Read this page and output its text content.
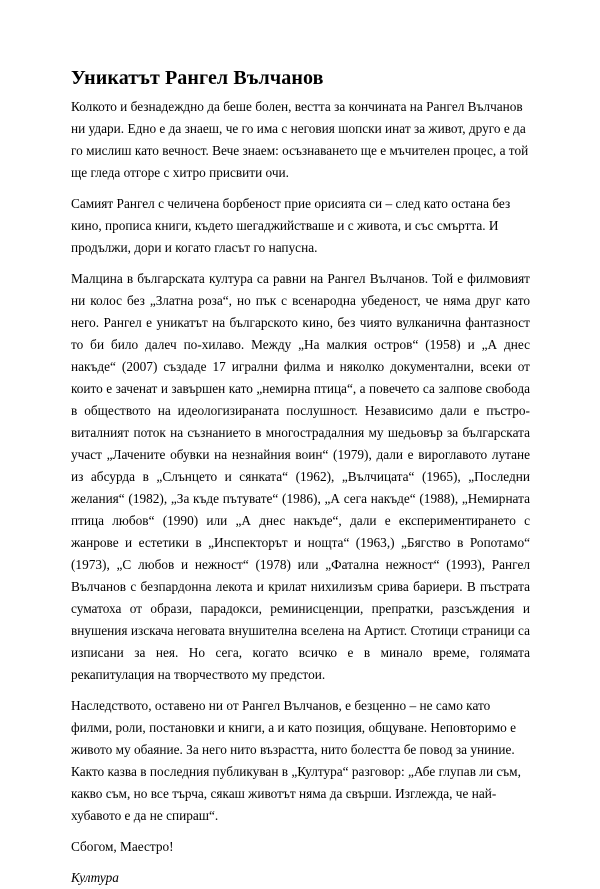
Уникатът Рангел Вълчанов

Колкото и безнадеждно да беше болен, вестта за кончината на Рангел Вълчанов ни удари. Едно е да знаеш, че го има с неговия шопски инат за живот, друго е да го мислиш като вечност. Вече знаем: осъзнаването ще е мъчителен процес, а той ще гледа отгоре с хитро присвити очи.

Самият Рангел с челичена борбеност прие орисията си – след като остана без кино, прописа книги, където шегаджийстваше и с живота, и със смъртта. И продължи, дори и когато гласът го напусна.

Малцина в българската култура са равни на Рангел Вълчанов. Той е филмовият ни колос без „Златна роза“, но пък с всенародна убеденост, че няма друг като него. Рангел е уникатът на българското кино, без чиято вулканична фантазност то би било далеч по-хилаво. Между „На малкия остров“ (1958) и „А днес накъде“ (2007) създаде 17 игрални филма и няколко документални, всеки от които е заченат и завършен като „немирна птица“, а повечето са залпове свобода в обществото на идеологизираната послушност. Независимо дали е пъстро-виталният поток на съзнанието в многострадалния му шедьовър за българската участ „Лачените обувки на незнайния воин“ (1979), дали е вироглавото лутане из абсурда в „Слънцето и сянката“ (1962), „Вълчицата“ (1965), „Последни желания“ (1982), „За къде пътувате“ (1986), „А сега накъде“ (1988), „Немирната птица любов“ (1990) или „А днес накъде“, дали е експериментирането с жанрове и естетики в „Инспекторът и нощта“ (1963,) „Бягство в Ропотамо“ (1973), „С любов и нежност“ (1978) или „Фатална нежност“ (1993), Рангел Вълчанов с безпардонна лекота и крилат нихилизъм срива бариери. В пъстрата суматоха от образи, парадокси, реминисценции, препратки, разсъждения и внушения изскача неговата внушителна вселена на Артист. Стотици страници са изписани за нея. Но сега, когато всичко е в минало време, голямата рекапитулация на творчеството му предстои.

Наследството, оставено ни от Рангел Вълчанов, е безценно – не само като филми, роли, постановки и книги, а и като позиция, общуване. Неповторимо е живото му обаяние. За него нито възрастта, нито болестта бе повод за униние. Както казва в последния публикуван в „Култура“ разговор: „Абе глупав ли съм, какво съм, но все търча, сякаш животът няма да свърши. Изглежда, че най-хубавото е да не спираш“.

Сбогом, Маестро!

Култура
